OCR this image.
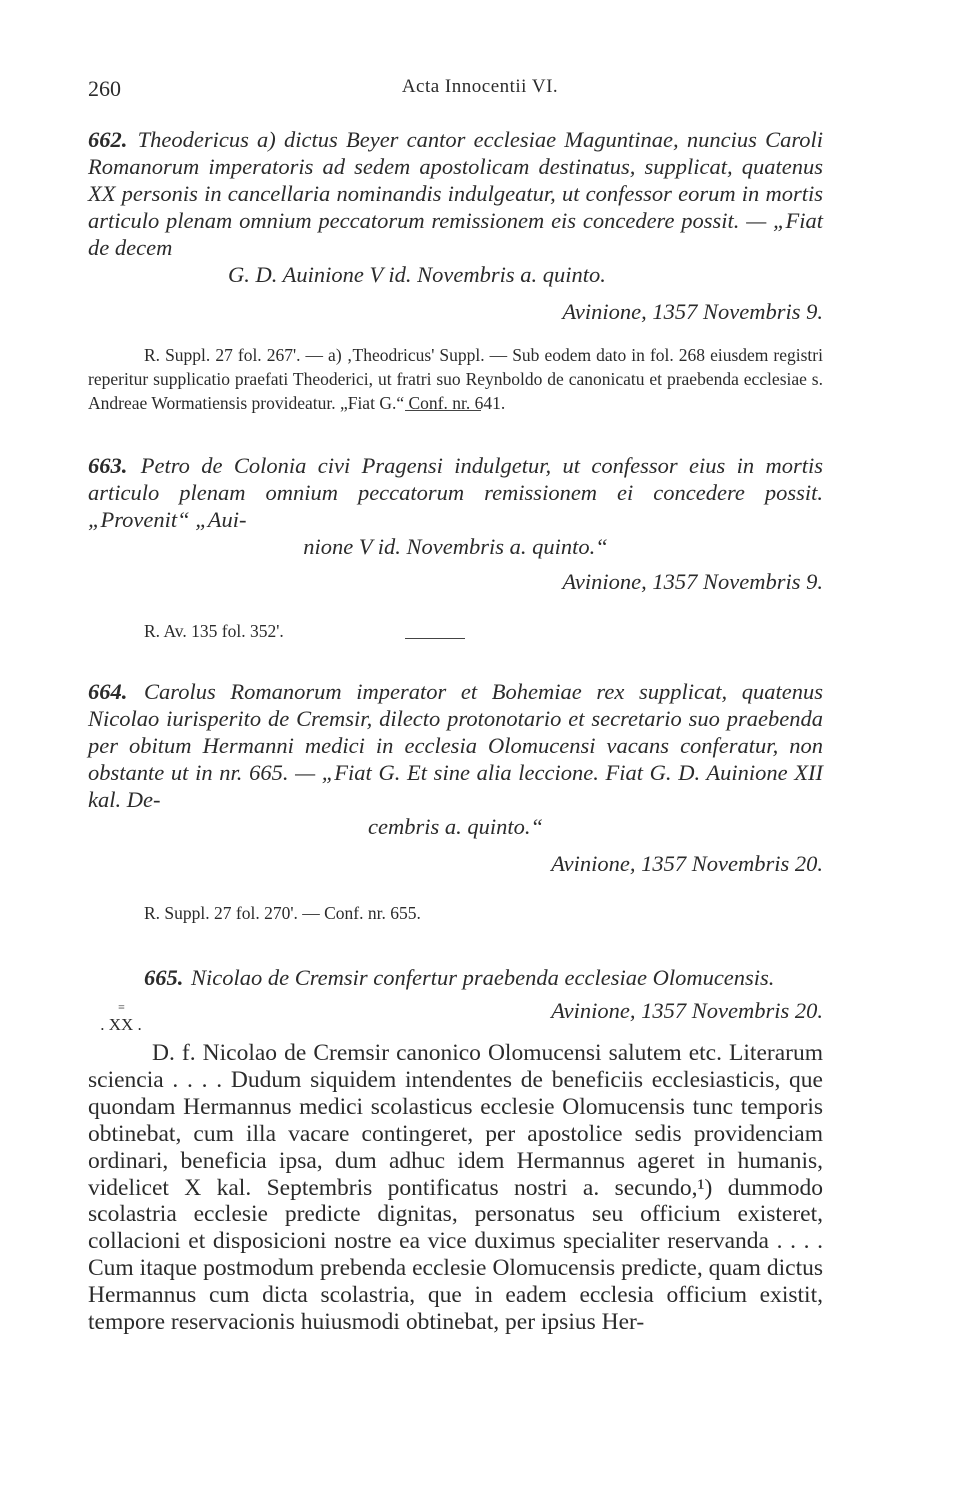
260	Acta Innocentii VI.

662. Theodericus a) dictus Beyer cantor ecclesiae Maguntinae, nuncius Caroli Romanorum imperatoris ad sedem apostolicam destinatus, supplicat, quatenus XX personis in cancellaria nominandis indulgeatur, ut confessor eorum in mortis articulo plenam omnium peccatorum remissionem eis concedere possit. — „Fiat de decem
G. D. Auinione V id. Novembris a. quinto.

Avinione, 1357 Novembris 9.

R. Suppl. 27 fol. 267'. — a) ‚Theodricus' Suppl. — Sub eodem dato in fol. 268 eiusdem registri reperitur supplicatio praefati Theoderici, ut fratri suo Reynboldo de canonicatu et praebenda ecclesiae s. Andreae Wormatiensis provideatur. „Fiat G.“ Conf. nr. 641.

663. Petro de Colonia civi Pragensi indulgetur, ut confessor eius in mortis articulo plenam omnium peccatorum remissionem ei concedere possit. „Provenit“ „Aui-
nione V id. Novembris a. quinto.“

Avinione, 1357 Novembris 9.

R. Av. 135 fol. 352'.

664. Carolus Romanorum imperator et Bohemiae rex supplicat, quatenus Nicolao iurisperito de Cremsir, dilecto protonotario et secretario suo praebenda per obitum Hermanni medici in ecclesia Olomucensi vacans conferatur, non obstante ut in nr. 665. — „Fiat G. Et sine alia leccione. Fiat G. D. Auinione XII kal. De-
cembris a. quinto.“

Avinione, 1357 Novembris 20.

R. Suppl. 27 fol. 270'. — Conf. nr. 655.

665. Nicolao de Cremsir confertur praebenda ecclesiae Olomucensis.

Avinione, 1357 Novembris 20.

≡
. XX .

D. f. Nicolao de Cremsir canonico Olomucensi salutem etc. Literarum sciencia . . . . Dudum siquidem intendentes de beneficiis ecclesiasticis, que quondam Hermannus medici scolasticus ecclesie Olomucensis tunc temporis obtinebat, cum illa vacare contingeret, per apostolice sedis providenciam ordinari, beneficia ipsa, dum adhuc idem Hermannus ageret in humanis, videlicet X kal. Septembris pontificatus nostri a. secundo,¹) dummodo scolastria ecclesie predicte dignitas, personatus seu officium existeret, collacioni et disposicioni nostre ea vice duximus specialiter reservanda . . . . Cum itaque postmodum prebenda ecclesie Olomucensis predicte, quam dictus Hermannus cum dicta scolastria, que in eadem ecclesia officium existit, tempore reservacionis huiusmodi obtinebat, per ipsius Her-
